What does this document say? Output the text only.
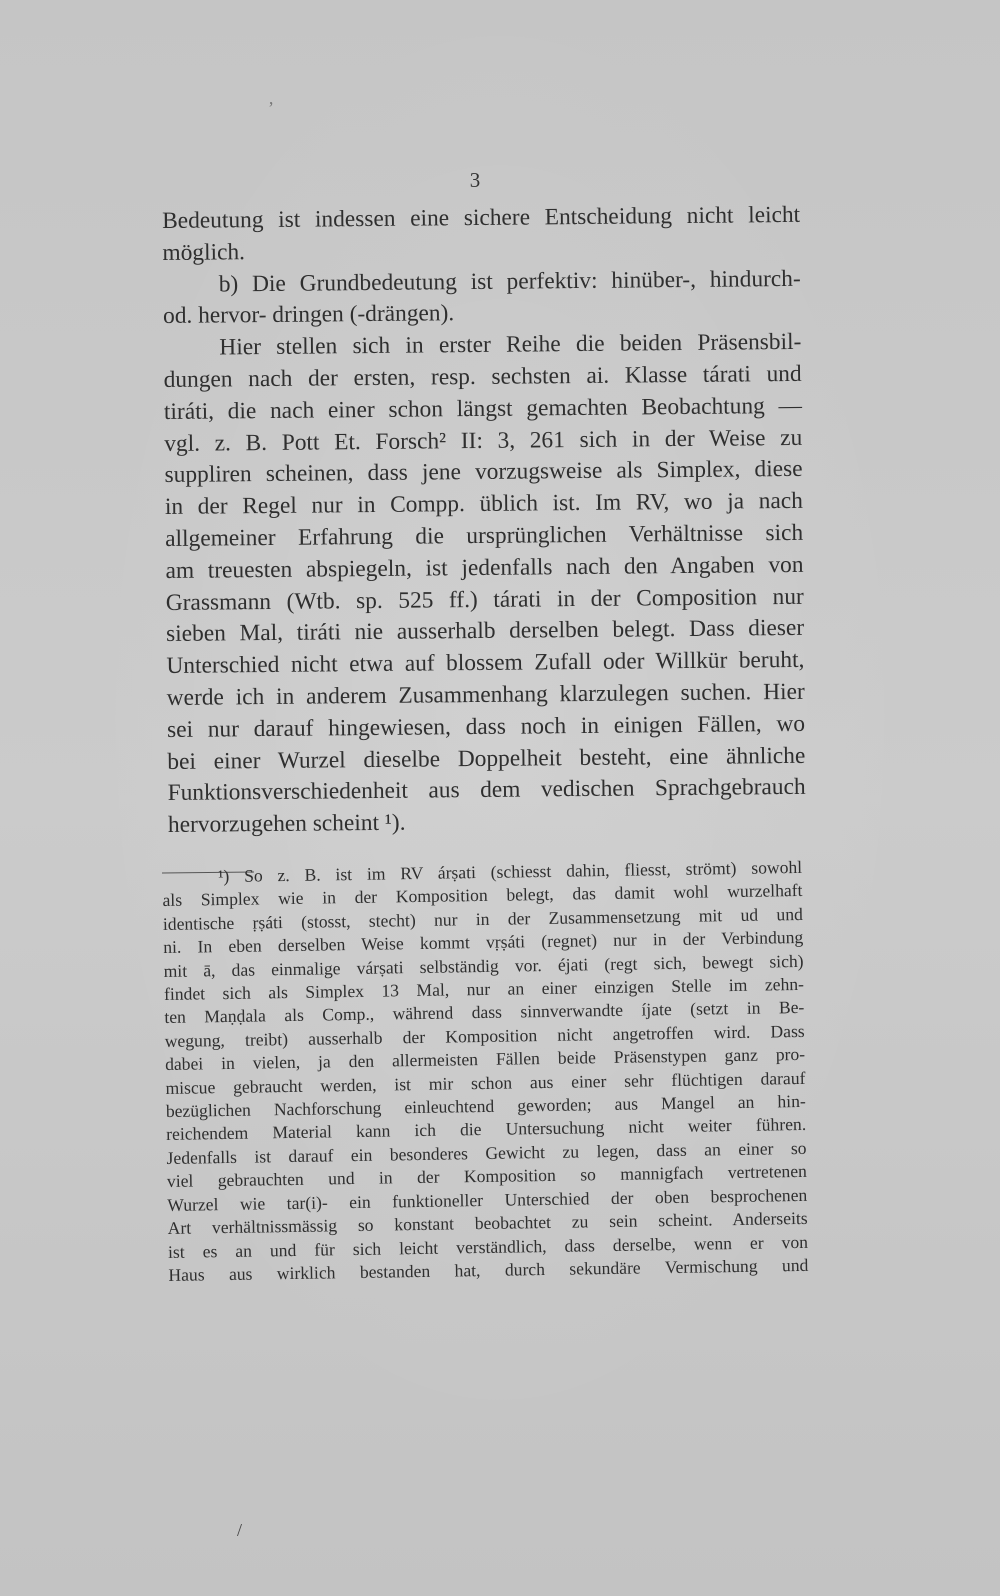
3
Bedeutung ist indessen eine sichere Entscheidung nicht leicht
möglich.
b) Die Grundbedeutung ist perfektiv: hinüber-, hindurch-
od. hervor- dringen (-drängen).
Hier stellen sich in erster Reihe die beiden Präsensbil-
dungen nach der ersten, resp. sechsten ai. Klasse tárati und
tiráti, die nach einer schon längst gemachten Beobachtung —
vgl. z. B. Pott Et. Forsch² II: 3, 261 sich in der Weise zu
suppliren scheinen, dass jene vorzugsweise als Simplex, diese
in der Regel nur in Compp. üblich ist. Im RV, wo ja nach
allgemeiner Erfahrung die ursprünglichen Verhältnisse sich
am treuesten abspiegeln, ist jedenfalls nach den Angaben von
Grassmann (Wtb. sp. 525 ff.) tárati in der Composition nur
sieben Mal, tiráti nie ausserhalb derselben belegt. Dass dieser
Unterschied nicht etwa auf blossem Zufall oder Willkür beruht,
werde ich in anderem Zusammenhang klarzulegen suchen. Hier
sei nur darauf hingewiesen, dass noch in einigen Fällen, wo
bei einer Wurzel dieselbe Doppelheit besteht, eine ähnliche
Funktionsverschiedenheit aus dem vedischen Sprachgebrauch
hervorzugehen scheint ¹).
¹) So z. B. ist im RV árṣati (schiesst dahin, fliesst, strömt) sowohl
als Simplex wie in der Komposition belegt, das damit wohl wurzelhaft
identische ṛṣáti (stosst, stecht) nur in der Zusammensetzung mit ud und
ni. In eben derselben Weise kommt vṛṣáti (regnet) nur in der Verbindung
mit ā, das einmalige várṣati selbständig vor. éjati (regt sich, bewegt sich)
findet sich als Simplex 13 Mal, nur an einer einzigen Stelle im zehn-
ten Maṇḍala als Comp., während dass sinnverwandte íjate (setzt in Be-
wegung, treibt) ausserhalb der Komposition nicht angetroffen wird. Dass
dabei in vielen, ja den allermeisten Fällen beide Präsenstypen ganz pro-
miscue gebraucht werden, ist mir schon aus einer sehr flüchtigen darauf
bezüglichen Nachforschung einleuchtend geworden; aus Mangel an hin-
reichendem Material kann ich die Untersuchung nicht weiter führen.
Jedenfalls ist darauf ein besonderes Gewicht zu legen, dass an einer so
viel gebrauchten und in der Komposition so mannigfach vertretenen
Wurzel wie tar(i)- ein funktioneller Unterschied der oben besprochenen
Art verhältnissmässig so konstant beobachtet zu sein scheint. Anderseits
ist es an und für sich leicht verständlich, dass derselbe, wenn er von
Haus aus wirklich bestanden hat, durch sekundäre Vermischung und
ʼ
/
